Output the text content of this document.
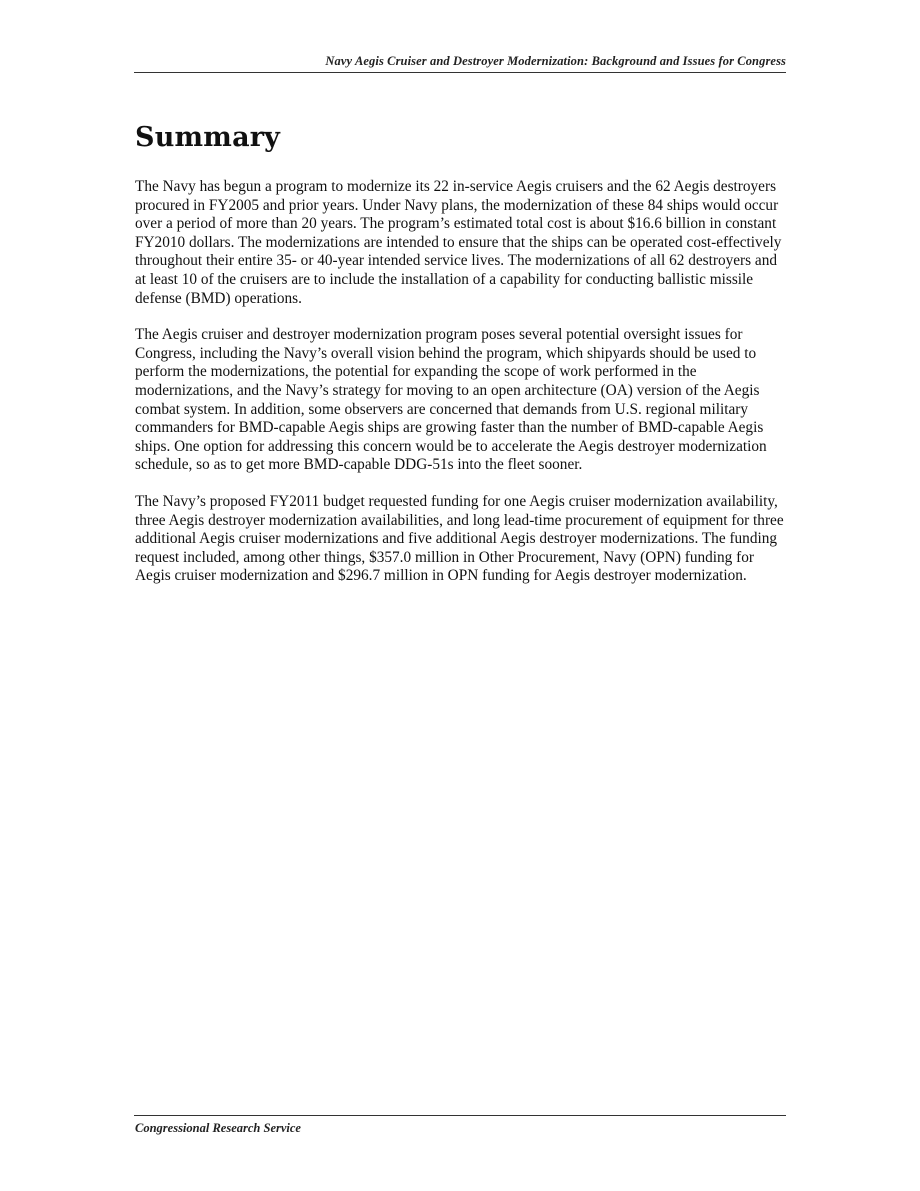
Navy Aegis Cruiser and Destroyer Modernization: Background and Issues for Congress
Summary

The Navy has begun a program to modernize its 22 in-service Aegis cruisers and the 62 Aegis destroyers procured in FY2005 and prior years. Under Navy plans, the modernization of these 84 ships would occur over a period of more than 20 years. The program’s estimated total cost is about $16.6 billion in constant FY2010 dollars. The modernizations are intended to ensure that the ships can be operated cost-effectively throughout their entire 35- or 40-year intended service lives. The modernizations of all 62 destroyers and at least 10 of the cruisers are to include the installation of a capability for conducting ballistic missile defense (BMD) operations.

The Aegis cruiser and destroyer modernization program poses several potential oversight issues for Congress, including the Navy’s overall vision behind the program, which shipyards should be used to perform the modernizations, the potential for expanding the scope of work performed in the modernizations, and the Navy’s strategy for moving to an open architecture (OA) version of the Aegis combat system. In addition, some observers are concerned that demands from U.S. regional military commanders for BMD-capable Aegis ships are growing faster than the number of BMD-capable Aegis ships. One option for addressing this concern would be to accelerate the Aegis destroyer modernization schedule, so as to get more BMD-capable DDG-51s into the fleet sooner.

The Navy’s proposed FY2011 budget requested funding for one Aegis cruiser modernization availability, three Aegis destroyer modernization availabilities, and long lead-time procurement of equipment for three additional Aegis cruiser modernizations and five additional Aegis destroyer modernizations. The funding request included, among other things, $357.0 million in Other Procurement, Navy (OPN) funding for Aegis cruiser modernization and $296.7 million in OPN funding for Aegis destroyer modernization.

Congressional Research Service
